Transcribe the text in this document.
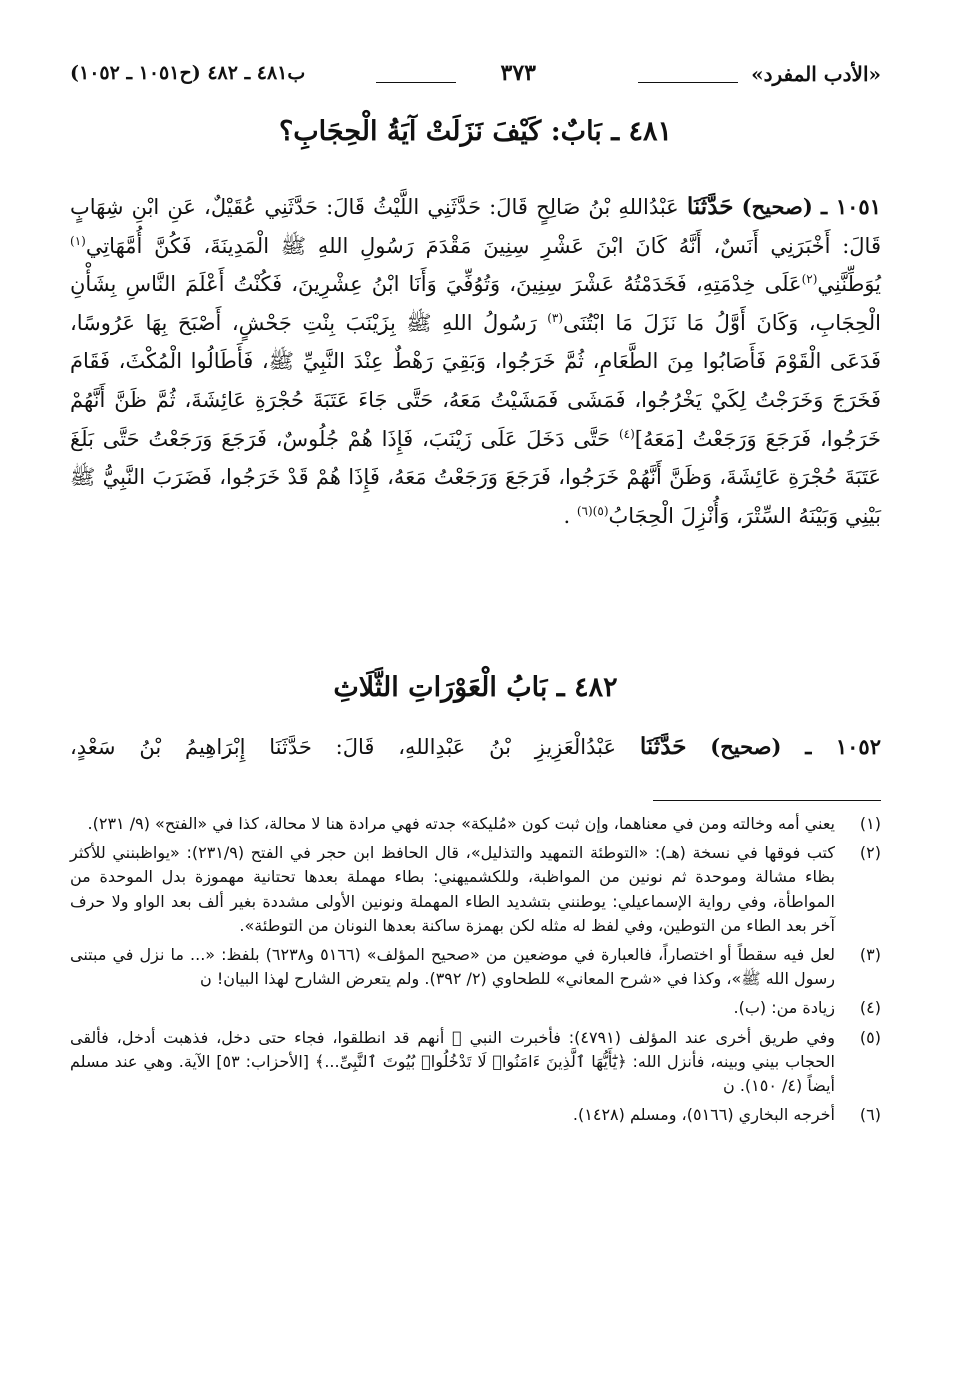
«الأدب المفرد»
٣٧٣
ب٤٨١ ـ ٤٨٢ (ح١٠٥١ ـ ١٠٥٢)
٤٨١ ـ بَابٌ: كَيْفَ نَزَلَتْ آيَةُ الْحِجَابِ؟
١٠٥١ ـ (صحيح) حَدَّثَنَا عَبْدُاللهِ بْنُ صَالِحٍ قَالَ: حَدَّثَنِي اللَّيْثُ قَالَ: حَدَّثَنِي عُقَيْلٌ، عَنِ ابْنِ شِهَابٍ قَالَ: أَخْبَرَنِي أَنَسٌ، أَنَّهُ كَانَ ابْنَ عَشْرِ سِنِينَ مَقْدَمَ رَسُولِ اللهِ ﷺ الْمَدِينَةَ، فَكُنَّ أُمَّهَاتِي$^{(١)}$ يُوَطِّنَّنِي$^{(٢)}$عَلَى خِدْمَتِهِ، فَخَدَمْتُهُ عَشْرَ سِنِينَ، وَتُوُفِّيَ وَأَنَا ابْنُ عِشْرِينَ، فَكُنْتُ أَعْلَمَ النَّاسِ بِشَأْنِ الْحِجَابِ، وَكَانَ أَوَّلُ مَا نَزَلَ مَا ابْتُنَى$^{(٣)}$ رَسُولُ اللهِ ﷺ بِزَيْنَبَ بِنْتِ جَحْشٍ، أَصْبَحَ بِهَا عَرُوسًا، فَدَعَى الْقَوْمَ فَأَصَابُوا مِنَ الطَّعَامِ، ثُمَّ خَرَجُوا، وَبَقِيَ رَهْطٌ عِنْدَ النَّبِيِّ ﷺ، فَأَطَالُوا الْمُكْثَ، فَقَامَ فَخَرَجَ وَخَرَجْتُ لِكَيْ يَخْرُجُوا، فَمَشَى فَمَشَيْتُ مَعَهُ، حَتَّى جَاءَ عَتَبَةَ حُجْرَةِ عَائِشَةَ، ثُمَّ ظَنَّ أَنَّهُمْ خَرَجُوا، فَرَجَعَ وَرَجَعْتُ [مَعَهُ]$^{(٤)}$ حَتَّى دَخَلَ عَلَى زَيْنَبَ، فَإِذَا هُمْ جُلُوسٌ، فَرَجَعَ وَرَجَعْتُ حَتَّى بَلَغَ عَتَبَةَ حُجْرَةِ عَائِشَةَ، وَظَنَّ أَنَّهُمْ خَرَجُوا، فَرَجَعَ وَرَجَعْتُ مَعَهُ، فَإِذَا هُمْ قَدْ خَرَجُوا، فَضَرَبَ النَّبِيُّ ﷺ بَيْنِي وَبَيْنَهُ السِّتْرَ، وَأُنْزِلَ الْحِجَابُ$^{(٥)(٦)}$ .
٤٨٢ ـ بَابُ الْعَوْرَاتِ الثَّلَاثِ
١٠٥٢ ـ (صحيح) حَدَّثَنَا عَبْدُالْعَزِيزِ بْنُ عَبْدِاللهِ، قَالَ: حَدَّثَنَا إِبْرَاهِيمُ بْنُ سَعْدٍ،
(١)
يعني أمه وخالته ومن في معناهما، وإن ثبت كون «مُليكة» جدته فهي مرادة هنا لا محالة، كذا في «الفتح» (٩/ ٢٣١).
(٢)
كتب فوقها في نسخة (هـ): «التوطئة التمهيد والتذليل»، قال الحافظ ابن حجر في الفتح (٢٣١/٩): «يواظبنني للأكثر بظاء مشالة وموحدة ثم نونين من المواظبة، وللكشميهني: بطاء مهملة بعدها تحتانية مهموزة بدل الموحدة من المواطأة، وفي رواية الإسماعيلي: يوطنني بتشديد الطاء المهملة ونونين الأولى مشددة بغير ألف بعد الواو ولا حرف آخر بعد الطاء من التوطين، وفي لفظ له مثله لكن بهمزة ساكنة بعدها النونان من التوطئة».
(٣)
لعل فيه سقطاً أو اختصاراً، فالعبارة في موضعين من «صحيح المؤلف» (٥١٦٦ و٦٢٣٨) بلفظ: «... ما نزل في مبتنى رسول الله ﷺ»، وكذا في «شرح المعاني» للطحاوي (٢/ ٣٩٢). ولم يتعرض الشارح لهذا البيان! ن
(٤)
زيادة من: (ب).
(٥)
وفي طريق أخرى عند المؤلف (٤٧٩١): فأخبرت النبي ﷺ أنهم قد انطلقوا، فجاء حتى دخل، فذهبت أدخل، فألقى الحجاب بيني وبينه، فأنزل الله: ﴿يَٰٓأَيُّهَا ٱلَّذِينَ ءَامَنُوا۟ لَا تَدْخُلُوا۟ بُيُوتَ ٱلنَّبِىِّ...﴾ [الأحزاب: ٥٣] الآية. وهي عند مسلم أيضاً (٤/ ١٥٠). ن
(٦)
أخرجه البخاري (٥١٦٦)، ومسلم (١٤٢٨).
